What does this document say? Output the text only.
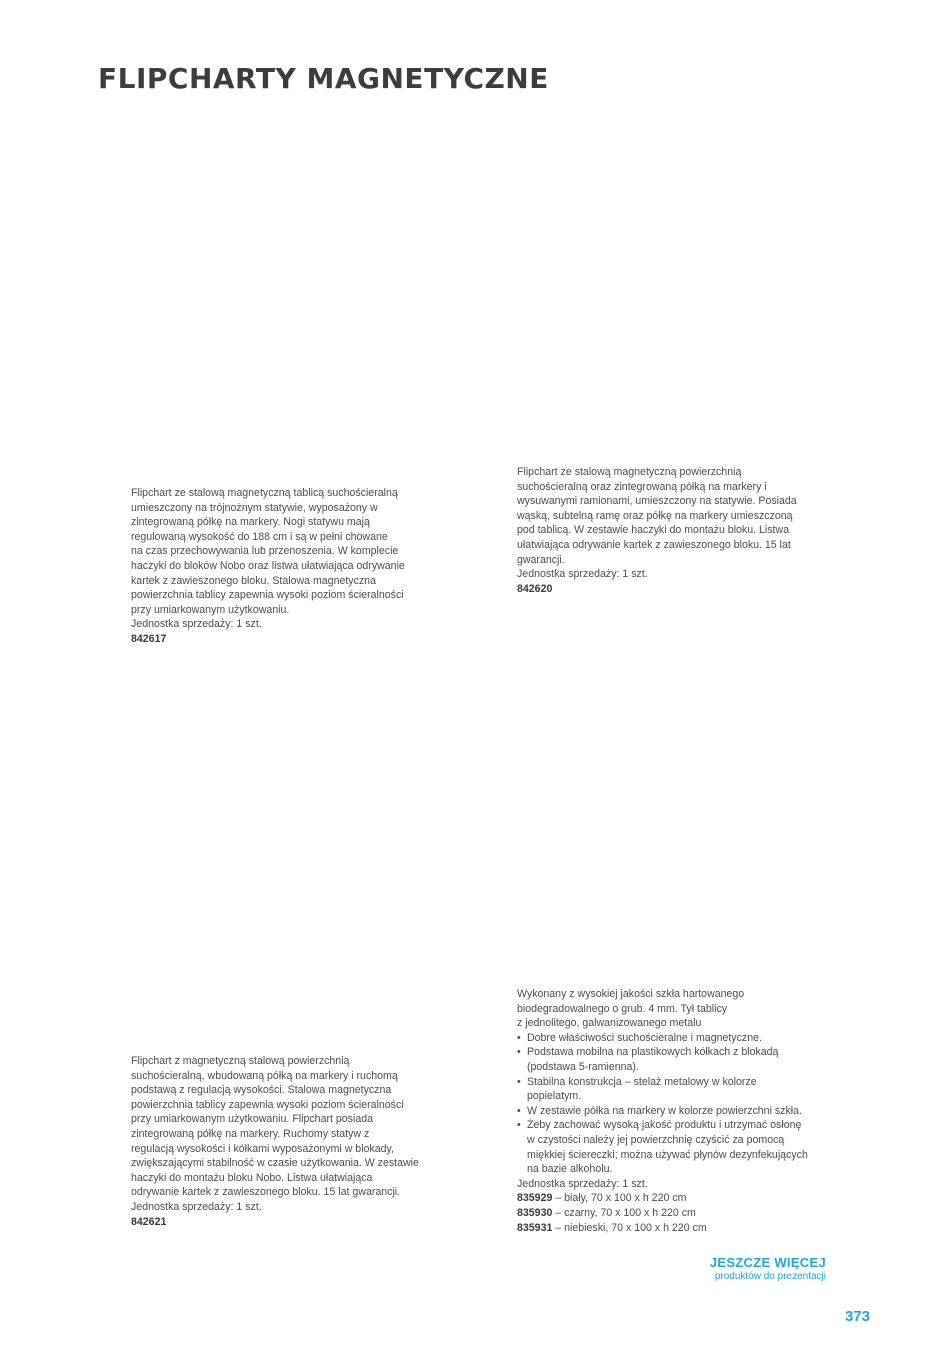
FLIPCHARTY MAGNETYCZNE

Flipchart ze stalową magnetyczną tablicą suchościeralną
umieszczony na trójnożnym statywie, wyposażony w
zintegrowaną półkę na markery. Nogi statywu mają
regulowaną wysokość do 188 cm i są w pełni chowane
na czas przechowywania lub przenoszenia. W komplecie
haczyki do bloków Nobo oraz listwa ułatwiająca odrywanie
kartek z zawieszonego bloku. Stalowa magnetyczna
powierzchnia tablicy zapewnia wysoki poziom ścieralności
przy umiarkowanym użytkowaniu.

Jednostka sprzedaży: 1 szt.
842617

Flipchart ze stalową magnetyczną powierzchnią
suchościeralną oraz zintegrowaną półką na markery i
wysuwanymi ramionami, umieszczony na statywie. Posiada
wąską, subtelną ramę oraz półkę na markery umieszczoną
pod tablicą. W zestawie haczyki do montażu bloku. Listwa
ułatwiająca odrywanie kartek z zawieszonego bloku. 15 lat
gwarancji.

Jednostka sprzedaży: 1 szt.
842620

Flipchart z magnetyczną stalową powierzchnią
suchościeralną, wbudowaną półką na markery i ruchomą
podstawą z regulacją wysokości. Stalowa magnetyczna
powierzchnia tablicy zapewnia wysoki poziom ścieralności
przy umiarkowanym użytkowaniu. Flipchart posiada
zintegrowaną półkę na markery. Ruchomy statyw z
regulacją wysokości i kółkami wyposażonymi w blokady,
zwiększającymi stabilność w czasie użytkowania. W zestawie
haczyki do montażu bloku Nobo. Listwa ułatwiająca
odrywanie kartek z zawieszonego bloku. 15 lat gwarancji.

Jednostka sprzedaży: 1 szt.
842621

Wykonany z wysokiej jakości szkła hartowanego
biodegradowalnego o grub. 4 mm. Tył tablicy
z jednolitego, galwanizowanego metalu

• Dobre właściwości suchościeralne i magnetyczne.
• Podstawa mobilna na plastikowych kółkach z blokadą
(podstawa 5-ramienna).
• Stabilna konstrukcja – stelaż metalowy w kolorze
popielatym.
• W zestawie półka na markery w kolorze powierzchni szkła.
• Żeby zachować wysoką jakość produktu i utrzymać osłonę
w czystości należy jej powierzchnię czyścić za pomocą
miękkiej ściereczki; można używać płynów dezynfekujących
na bazie alkoholu.
Jednostka sprzedaży: 1 szt.
835929 – biały, 70 x 100 x h 220 cm
835930 – czarny, 70 x 100 x h 220 cm
835931 – niebieski, 70 x 100 x h 220 cm
JESZCZE WIĘCEJ
produktów do prezentacji
373
